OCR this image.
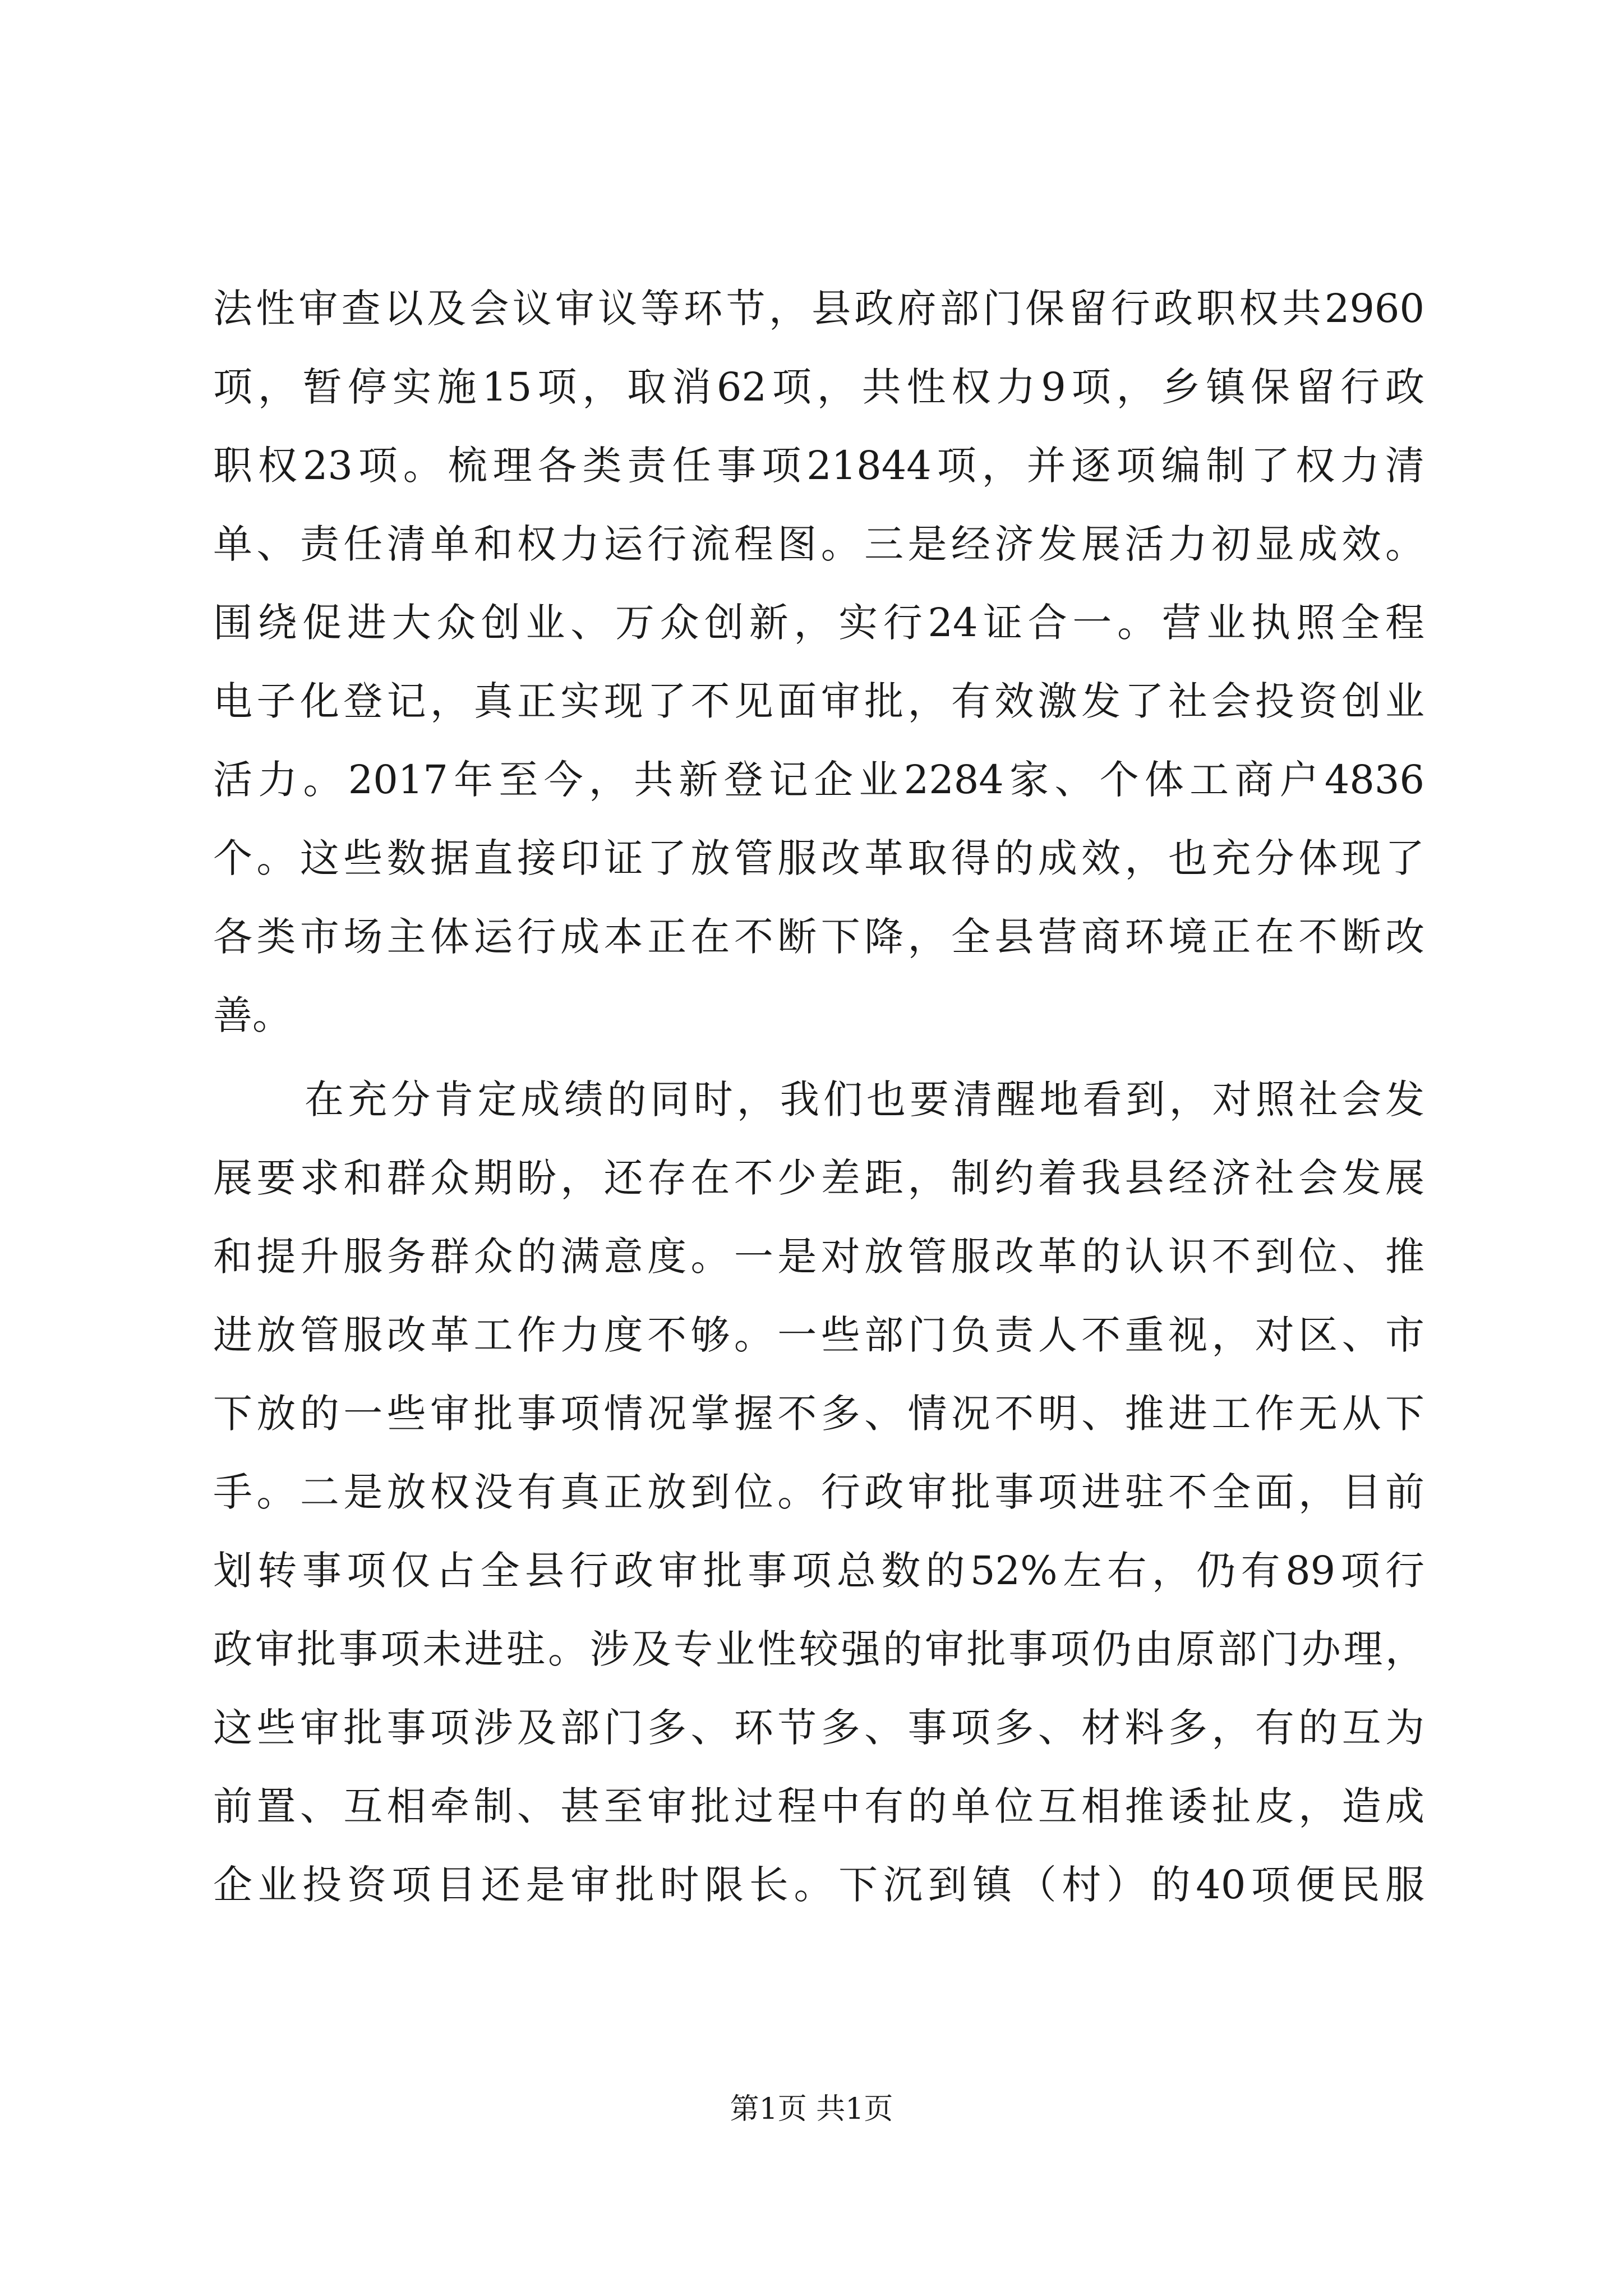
法性审查以及会议审议等环节，县政府部门保留行政职权共2960
项，暂停实施15项，取消62项，共性权力9项，乡镇保留行政
职权23项。梳理各类责任事项21844项，并逐项编制了权力清
单、责任清单和权力运行流程图。三是经济发展活力初显成效。
围绕促进大众创业、万众创新，实行24证合一。营业执照全程
电子化登记，真正实现了不见面审批，有效激发了社会投资创业
活力。2017年至今，共新登记企业2284家、个体工商户4836
个。这些数据直接印证了放管服改革取得的成效，也充分体现了
各类市场主体运行成本正在不断下降，全县营商环境正在不断改
善。
在充分肯定成绩的同时，我们也要清醒地看到，对照社会发
展要求和群众期盼，还存在不少差距，制约着我县经济社会发展
和提升服务群众的满意度。一是对放管服改革的认识不到位、推
进放管服改革工作力度不够。一些部门负责人不重视，对区、市
下放的一些审批事项情况掌握不多、情况不明、推进工作无从下
手。二是放权没有真正放到位。行政审批事项进驻不全面，目前
划转事项仅占全县行政审批事项总数的52%左右，仍有89项行
政审批事项未进驻。涉及专业性较强的审批事项仍由原部门办理，
这些审批事项涉及部门多、环节多、事项多、材料多，有的互为
前置、互相牵制、甚至审批过程中有的单位互相推诿扯皮，造成
企业投资项目还是审批时限长。下沉到镇（村）的40项便民服
第1页 共1页
